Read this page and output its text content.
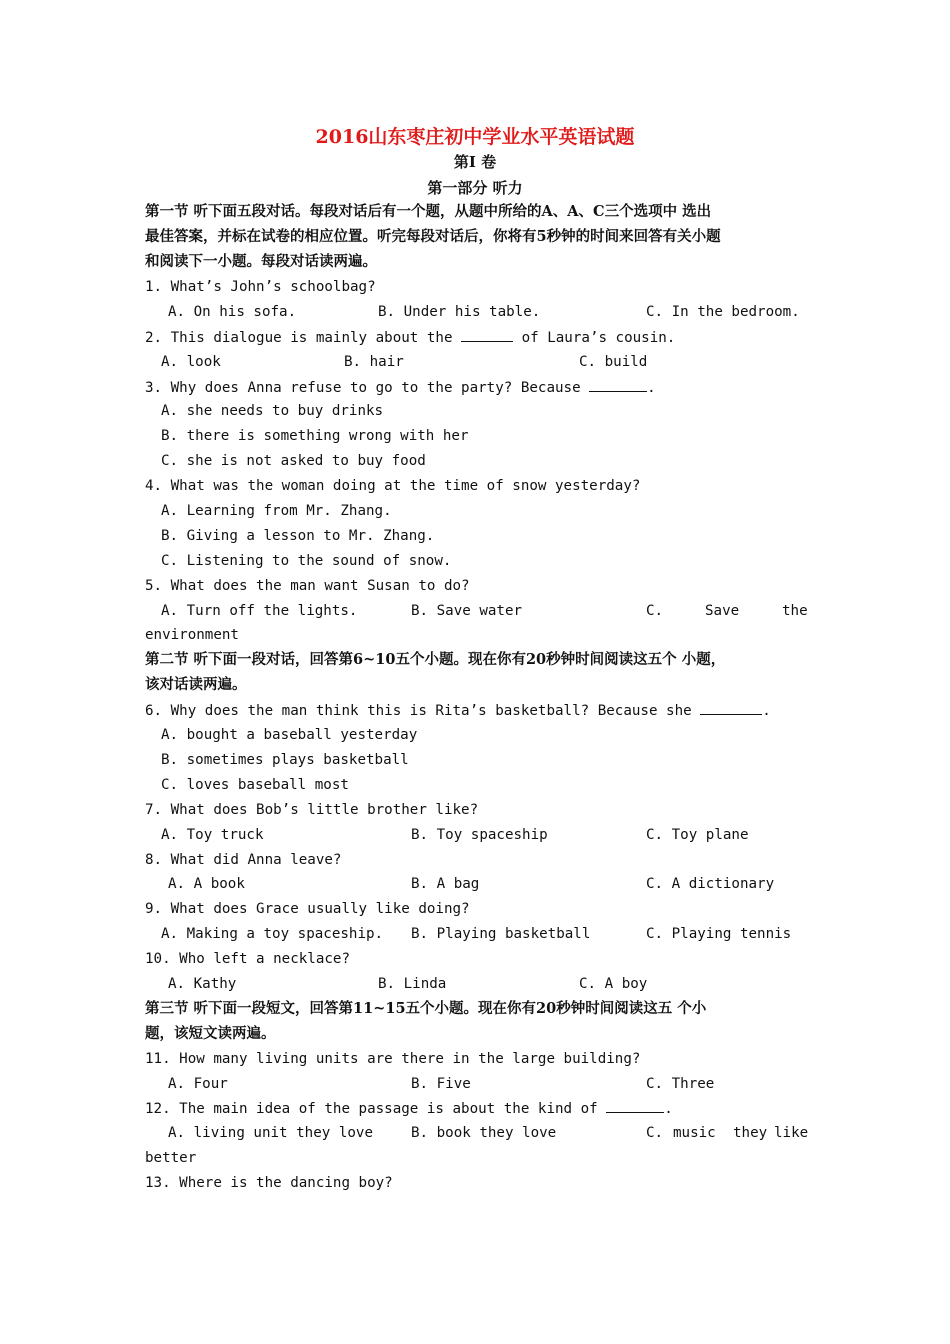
2016山东枣庄初中学业水平英语试题
第I 卷
第一部分 听力
第一节 听下面五段对话。每段对话后有一个题，从题中所给的A、A、C三个选项中 选出
最佳答案，并标在试卷的相应位置。听完每段对话后，你将有5秒钟的时间来回答有关小题
和阅读下一小题。每段对话读两遍。
1. What’s John’s schoolbag?
A. On his sofa.	B. Under his table.	C. In the bedroom.
2. This dialogue is mainly about the	of Laura’s cousin.
A. look	B. hair	C. build
3. Why does Anna refuse to go to the party? Because	.
A. she needs to buy drinks
B. there is something wrong with her
C. she is not asked to buy food
4. What was the woman doing at the time of snow yesterday?
A. Learning from Mr. Zhang.
B. Giving a lesson to Mr. Zhang.
C. Listening to the sound of snow.
5. What does the man want Susan to do?
A. Turn off the lights.	B. Save water	C.	Save	the
environment
第二节 听下面一段对话，回答第6~10五个小题。现在你有20秒钟时间阅读这五个 小题，
该对话读两遍。
6. Why does the man think this is Rita’s basketball? Because she	.
A. bought a baseball yesterday
B. sometimes plays basketball
C. loves baseball most
7. What does Bob’s little brother like?
A. Toy truck	B. Toy spaceship	C. Toy plane
8. What did Anna leave?
A. A book	B. A bag	C. A dictionary
9. What does Grace usually like doing?
A. Making a toy spaceship. B. Playing basketball	C. Playing tennis
10. Who left a necklace?
A. Kathy	B. Linda	C. A boy
第三节 听下面一段短文，回答第11~15五个小题。现在你有20秒钟时间阅读这五 个小
题，该短文读两遍。
11. How many living units are there in the large building?
A. Four	B. Five	C. Three
12. The main idea of the passage is about the kind of	.
A. living unit they love	B. book they love	C. music they like
better
13. Where is the dancing boy?
